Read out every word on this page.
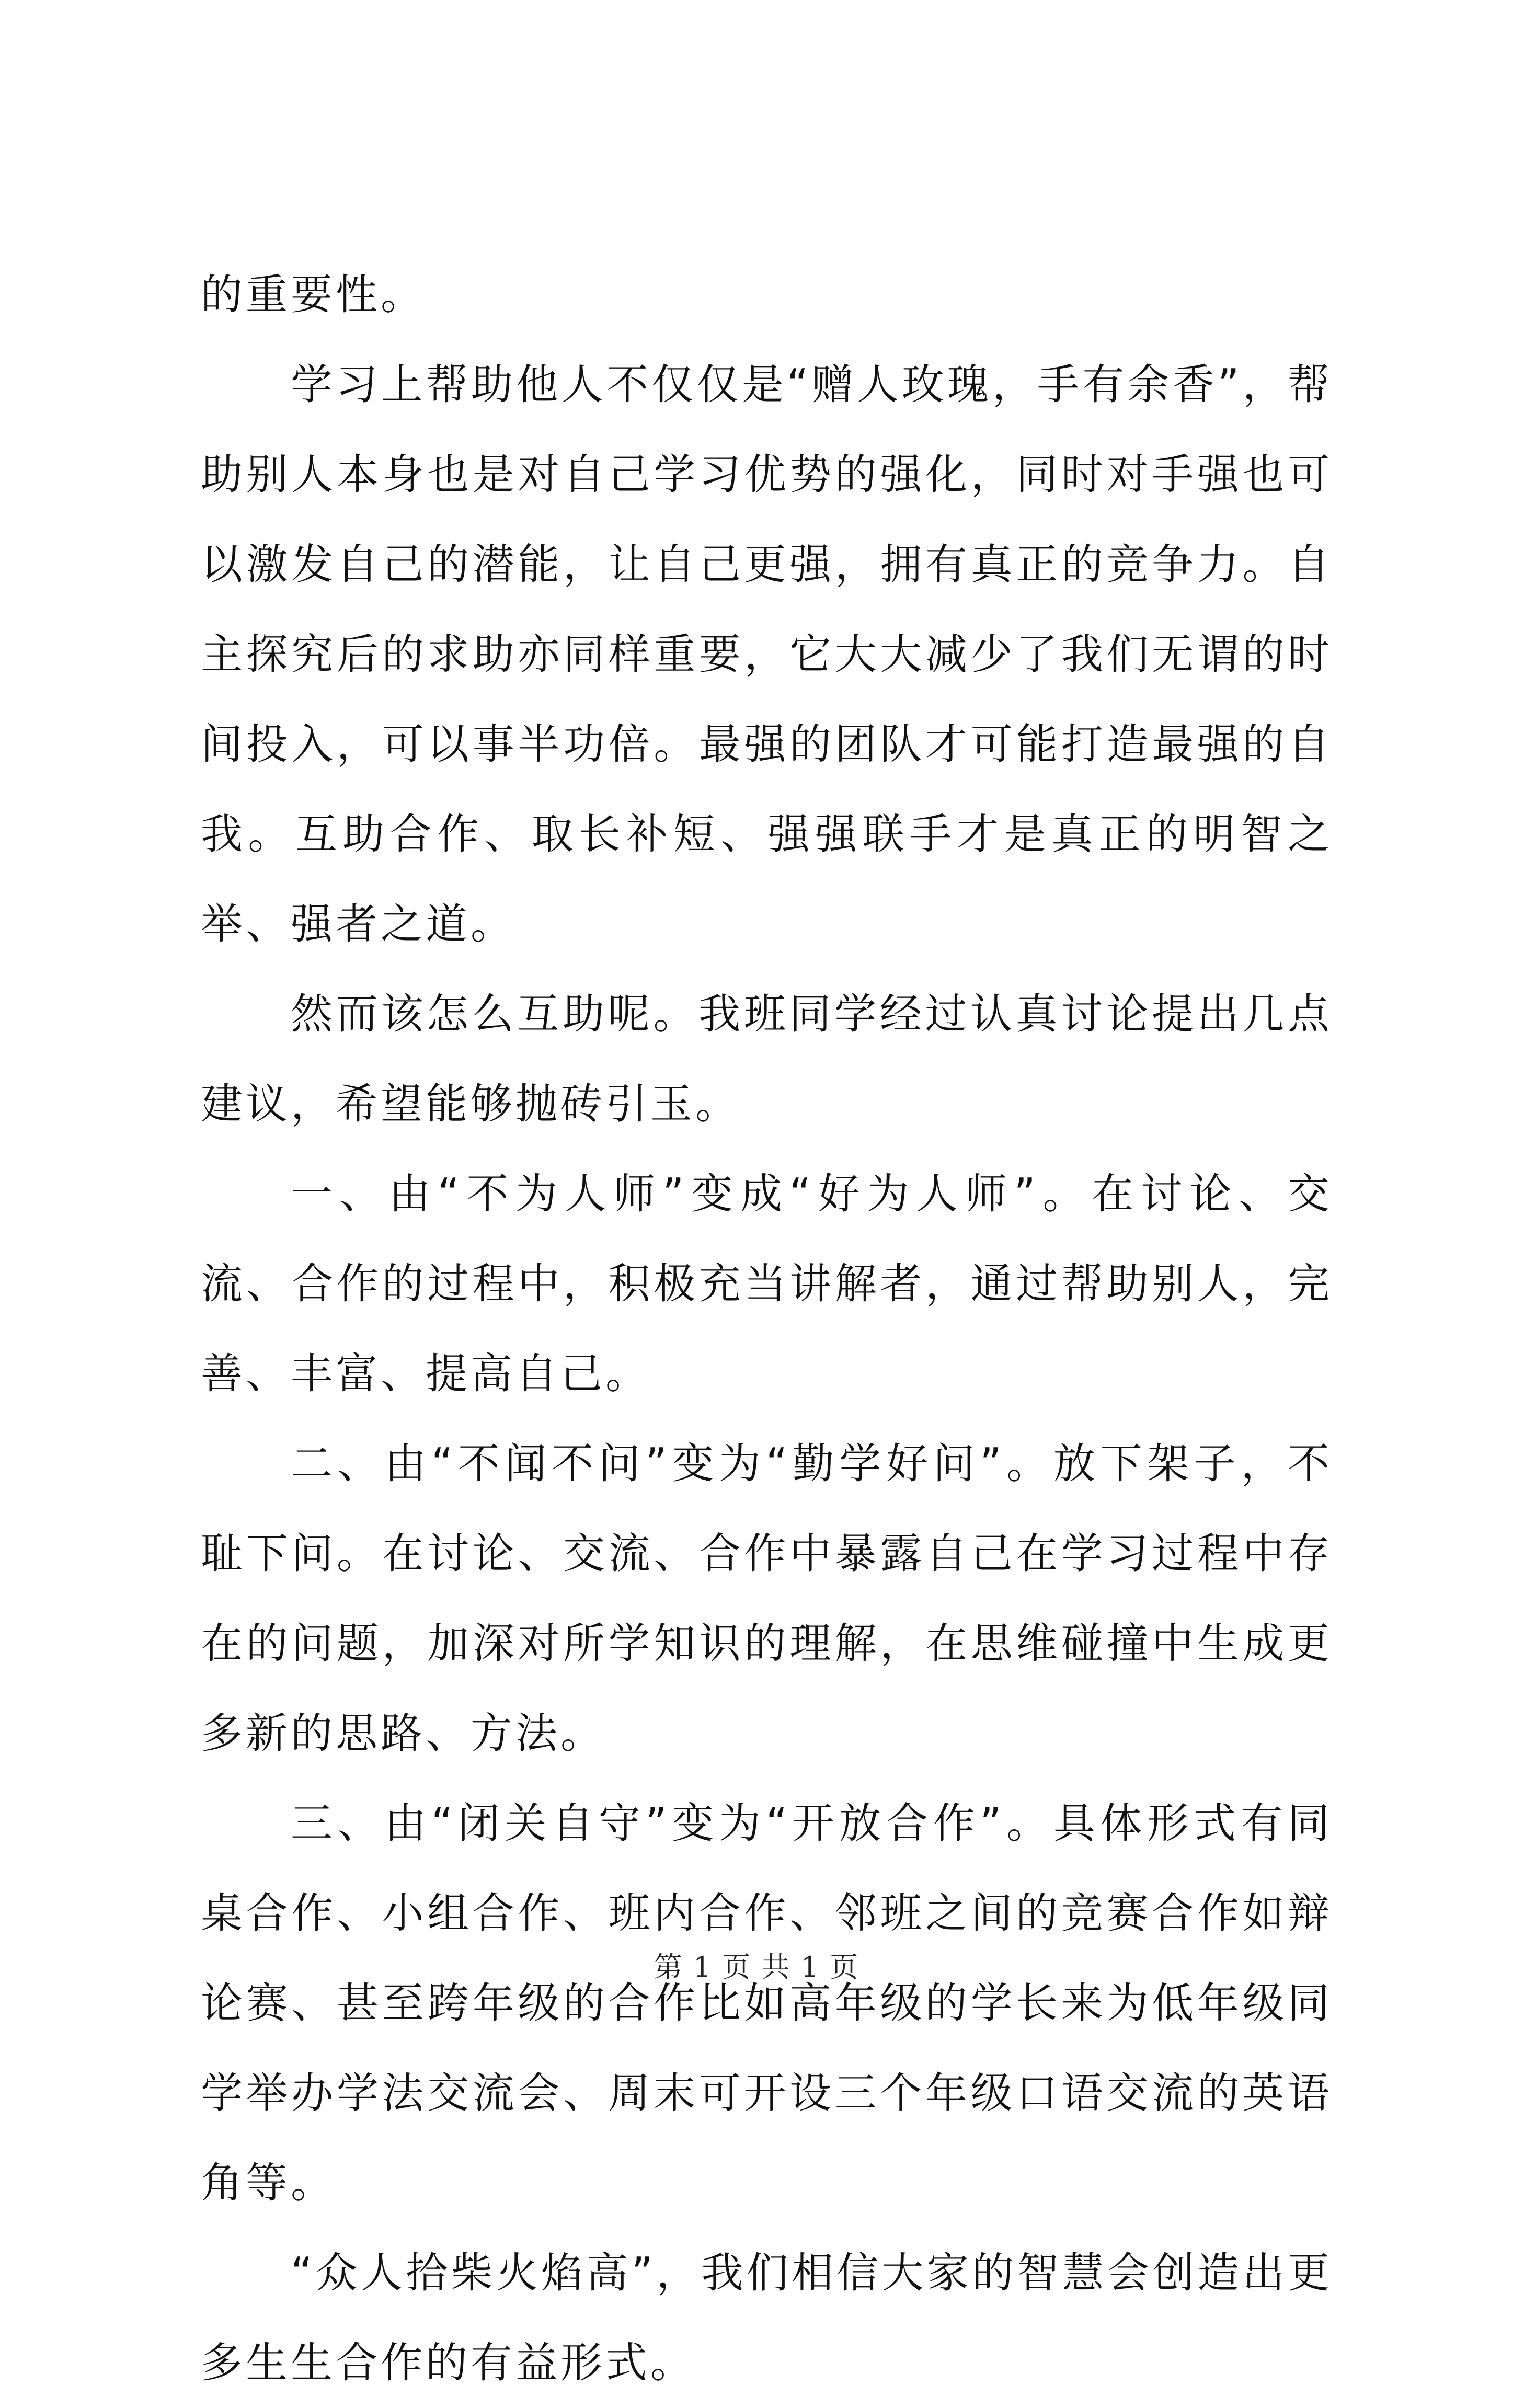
的重要性。

学习上帮助他人不仅仅是“赠人玫瑰，手有余香”，帮助别人本身也是对自己学习优势的强化，同时对手强也可以激发自己的潜能，让自己更强，拥有真正的竞争力。自主探究后的求助亦同样重要，它大大减少了我们无谓的时间投入，可以事半功倍。最强的团队才可能打造最强的自我。互助合作、取长补短、强强联手才是真正的明智之举、强者之道。

然而该怎么互助呢。我班同学经过认真讨论提出几点建议，希望能够抛砖引玉。

一、由“不为人师”变成“好为人师”。在讨论、交流、合作的过程中，积极充当讲解者，通过帮助别人，完善、丰富、提高自己。

二、由“不闻不问”变为“勤学好问”。放下架子，不耻下问。在讨论、交流、合作中暴露自己在学习过程中存在的问题，加深对所学知识的理解，在思维碰撞中生成更多新的思路、方法。

三、由“闭关自守”变为“开放合作”。具体形式有同桌合作、小组合作、班内合作、邻班之间的竞赛合作如辩论赛、甚至跨年级的合作比如高年级的学长来为低年级同学举办学法交流会、周末可开设三个年级口语交流的英语角等。

“众人拾柴火焰高”，我们相信大家的智慧会创造出更多生生合作的有益形式。

第 1 页 共 1 页
